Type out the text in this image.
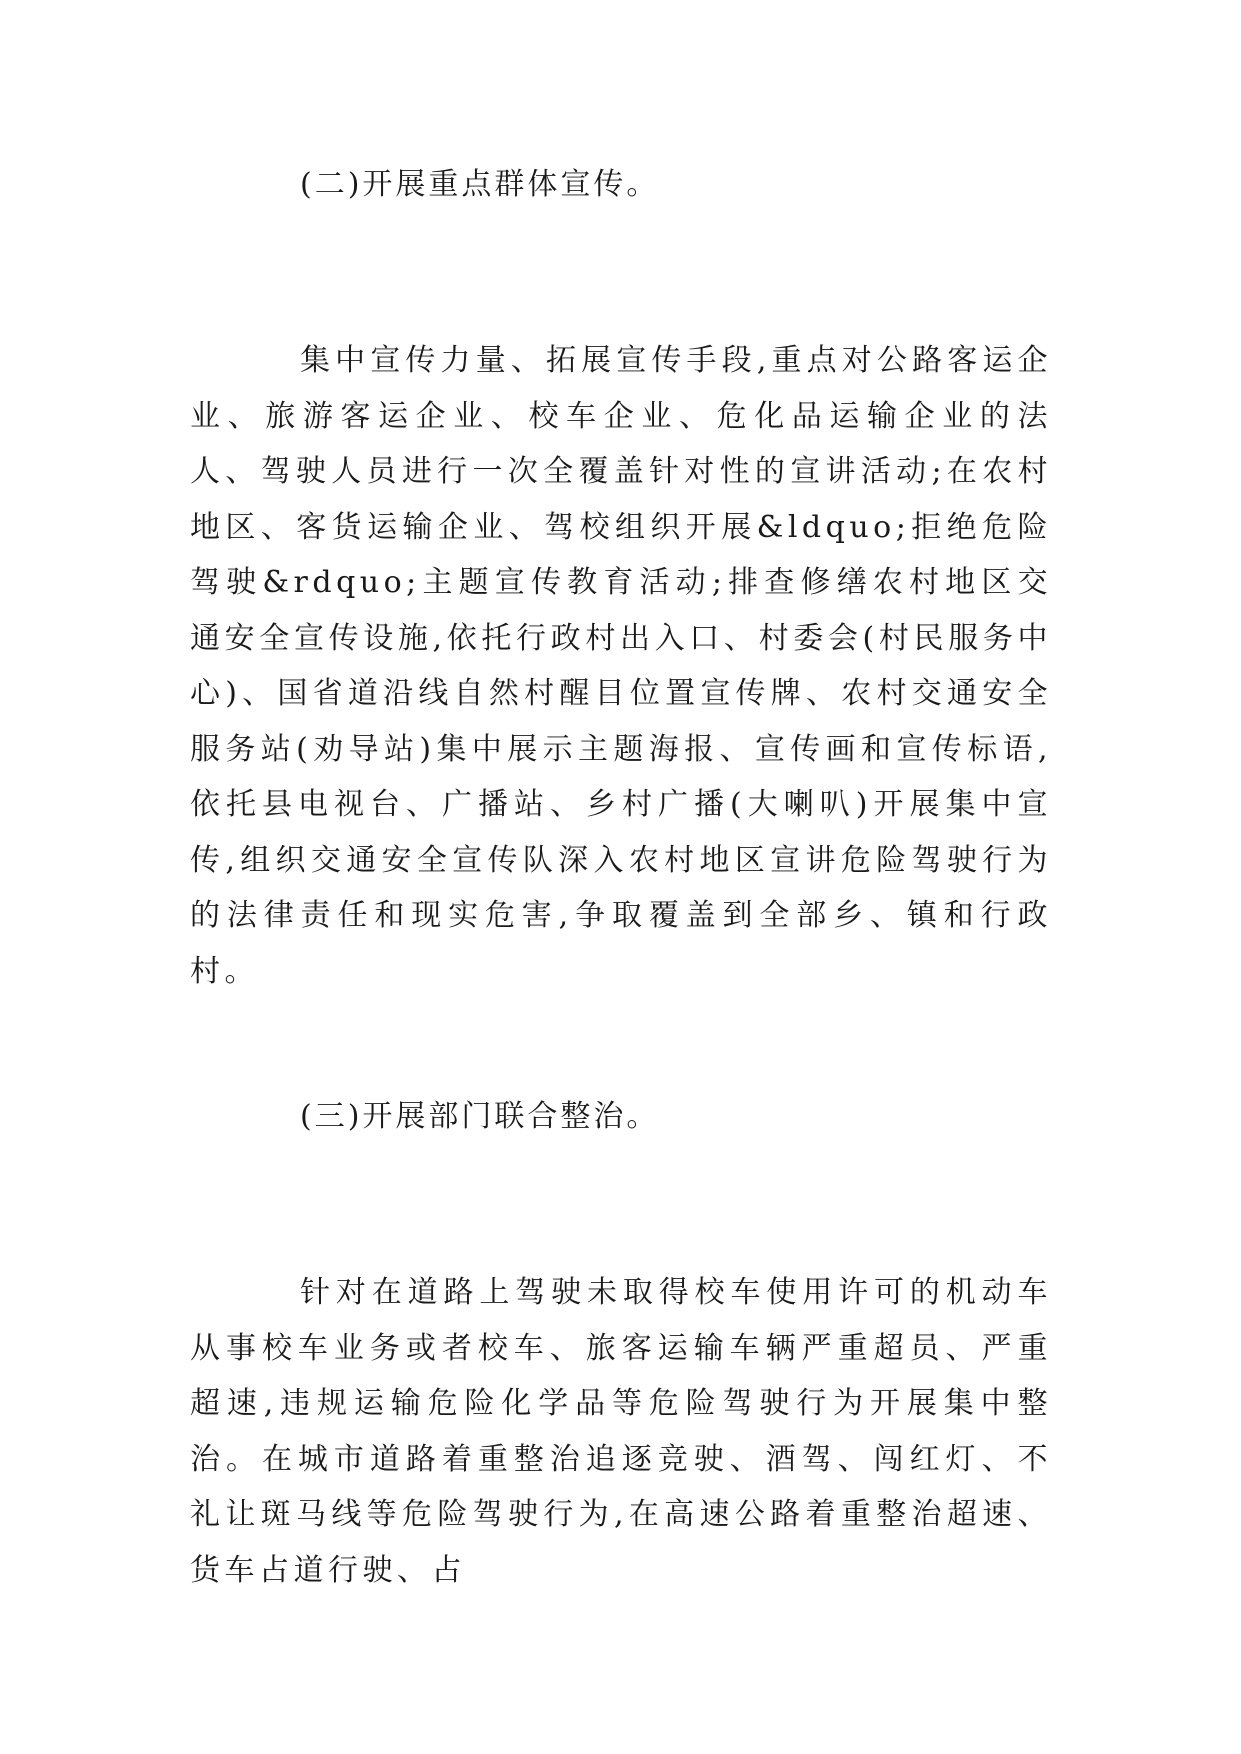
(二)开展重点群体宣传。
集中宣传力量、拓展宣传手段,重点对公路客运企业、旅游客运企业、校车企业、危化品运输企业的法人、驾驶人员进行一次全覆盖针对性的宣讲活动;在农村地区、客货运输企业、驾校组织开展&ldquo;拒绝危险驾驶&rdquo;主题宣传教育活动;排查修缮农村地区交通安全宣传设施,依托行政村出入口、村委会(村民服务中心)、国省道沿线自然村醒目位置宣传牌、农村交通安全服务站(劝导站)集中展示主题海报、宣传画和宣传标语,依托县电视台、广播站、乡村广播(大喇叭)开展集中宣传,组织交通安全宣传队深入农村地区宣讲危险驾驶行为的法律责任和现实危害,争取覆盖到全部乡、镇和行政村。
(三)开展部门联合整治。
针对在道路上驾驶未取得校车使用许可的机动车从事校车业务或者校车、旅客运输车辆严重超员、严重超速,违规运输危险化学品等危险驾驶行为开展集中整治。在城市道路着重整治追逐竞驶、酒驾、闯红灯、不礼让斑马线等危险驾驶行为,在高速公路着重整治超速、货车占道行驶、占
